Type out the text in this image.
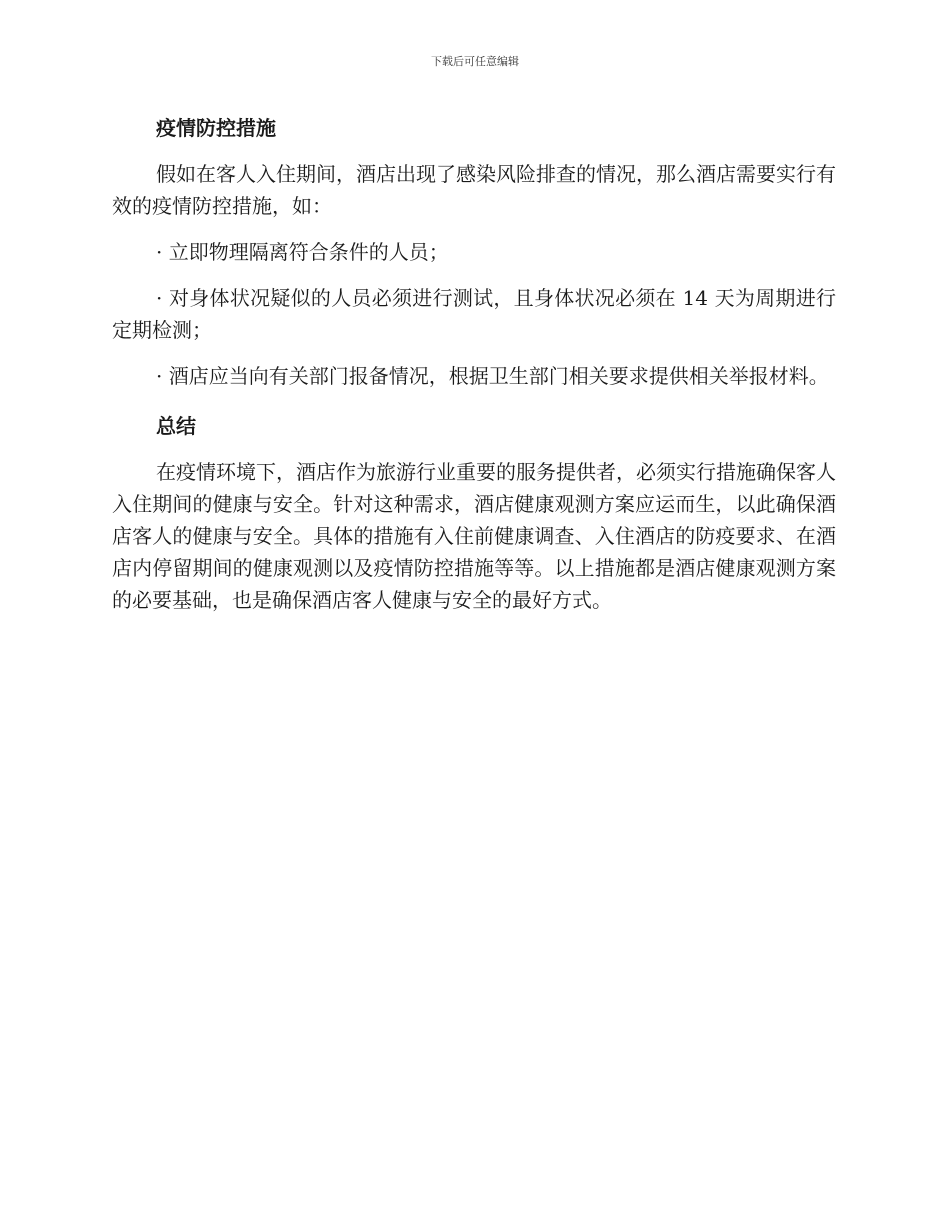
下载后可任意编辑
疫情防控措施

假如在客人入住期间，酒店出现了感染风险排查的情况，那么酒店需要实行有效的疫情防控措施，如：

· 立即物理隔离符合条件的人员；

· 对身体状况疑似的人员必须进行测试，且身体状况必须在 14 天为周期进行定期检测；

· 酒店应当向有关部门报备情况，根据卫生部门相关要求提供相关举报材料。

总结

在疫情环境下，酒店作为旅游行业重要的服务提供者，必须实行措施确保客人入住期间的健康与安全。针对这种需求，酒店健康观测方案应运而生，以此确保酒店客人的健康与安全。具体的措施有入住前健康调查、入住酒店的防疫要求、在酒店内停留期间的健康观测以及疫情防控措施等等。以上措施都是酒店健康观测方案的必要基础，也是确保酒店客人健康与安全的最好方式。
